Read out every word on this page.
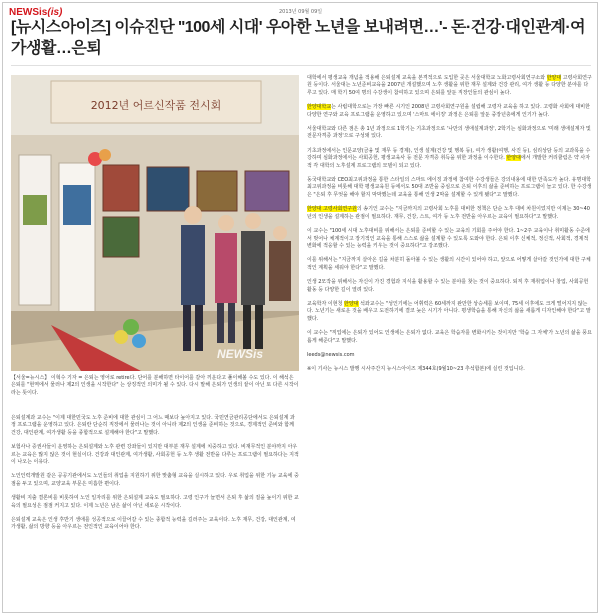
NEWSis(is)	2013년 09월 09일
[뉴시스아이즈] 이슈진단 ''100세 시대' 우아한 노년을 보내려면…'- 돈·건강·대인관계·여가생활…은퇴
2012년 어르신작품 전시회
NEWSis
【서울=뉴시스】 이혁수 기자 = 은퇴는 영어로 retire다. 단어를 분해하면 타이어를 갈아 끼운다고 풀이해볼 수도 있다. 이 해석은 은퇴를 "현역에서 물러나 제2의 인생을 시작한다" 는 상징적인 의미가 될 수 있다. 다시 말해 은퇴가 인생의 끝이 아닌 또 다른 시작이라는 뜻이다.

은퇴설계과 교수는 "이제 대한민국도 노후 준비에 대한 관심이 그 어느 때보다 높아지고 있다. 국민연금관리공단에서도 은퇴설계 과정 프로그램을 운영하고 있다. 은퇴란 단순히 직장에서 물러나는 것이 아니라 제2의 인생을 준비하는 것으로, 경제적인 준비와 함께 건강, 대인관계, 여가생활 등을 종합적으로 설계해야 한다"고 말했다.

보험사나 증권사들이 운영하는 은퇴설계와 노후 관련 강좌들이 있지만 대부분 재무 설계에 치중하고 있다. 비재무적인 분야까지 아우르는 교육은 많지 않은 것이 현실이다. 건강과 대인관계, 여가생활, 사회공헌 등 노후 생활 전반을 다루는 프로그램이 필요하다는 지적이 나오는 이유다.

노인인력개발원 같은 공공기관에서도 노인들의 취업을 지원하기 위한 맞춤형 교육을 실시하고 있다. 우로 취업을 위한 기능 교육에 중점을 두고 있으며, 교양교육 부문은 미흡한 편이다.

생활비 지출 결론비를 비롯하여 노인 일자리를 위한 은퇴설계 교육도 필요하다. 고령 인구가 늘면서 은퇴 후 삶의 질을 높이기 위한 교육의 필요성은 점점 커지고 있다. 이제 노년은 남은 삶이 아닌 새로운 시작이다.

은퇴설계 교육은 인생 후반기 생애를 성공적으로 이끌어갈 수 있는 종합적 능력을 길러주는 교육이다. 노후 재무, 건강, 대인관계, 여가생활, 삶의 방향 등을 아우르는 전인적인 교육이어야 한다.

대학에서 평생교육 개념을 적용해 은퇴설계 교육을 본격적으로 도입한 곳은 서울대학교 노화고령사회연구소와 한양대 고령사회연구원 등이다. 서울대는 노년준비교육을 2007년 개설했으며 노후 생활을 위한 재무 설계와 건강 관리, 여가 생활 등 다양한 분야를 다루고 있다. 매 학기 50여 명의 수강생이 참여하고 있으며 은퇴를 앞둔 직장인들의 관심이 높다.

한양대학교는 사립대학으로는 가장 빠른 시기인 2008년 고령사회연구원을 설립해 고령자 교육을 하고 있다. 고령화 사회에 대비한 다양한 연구와 교육 프로그램을 운영하고 있으며 '스마트 에이징' 과정은 은퇴를 앞둔 중장년층에게 인기가 높다.

서울대학교와 다른 점은 총 1년 과정으로 1학기는 기초과정으로 '나만의 생애설계과정', 2학기는 심화과정으로 '미래 생애설계자 및 전문자격증 과정'으로 구성돼 있다.

기초과정에서는 인문교양(금융 및 재무 등 경제), 인생 설계(건강 및 행복 등), 여가 생활(여행, 사진 등), 심리상담 등의 교과목을 수강하며 심화과정에서는 사회공헌, 평생교육사 등 전문 자격증 취득을 위한 과정을 이수한다. 한양대에서 개발한 커리큘럼은 약 사자적 각 대학의 노후설계 프로그램의 모델이 되고 있다.

동국대학교와 CEO최고위과정을 통한 스타일의 스마트 에이징 과정에 참여한 수강생들은 강의내용에 대한 만족도가 높다. 유명대학 최고위과정을 비롯해 대학 평생교육원 등에서도 50대 조반을 중심으로 은퇴 이후의 삶을 준비하는 프로그램이 늘고 있다. 한 수강생은 "은퇴 후 무엇을 해야 할지 막막했는데 교육을 통해 인생 2막을 설계할 수 있게 됐다"고 말했다.

한양대 고령사회연구원의 송기인 교수는 "지금까지의 고령사회 노후를 대비한 정책은 단순 노후 대비 차원이었지만 이제는 30~40년의 인생을 설계하는 관점이 필요하다. 재무, 건강, 스트, 여가 등 노후 전반을 아우르는 교육이 필요하다"고 말했다.

이 교수는 "100세 시대 노후대비를 위해서는 은퇴를 준비할 수 있는 교육의 기회를 주어야 한다. 1~2주 교육이나 취미활동 수준에서 벗어나 체계적이고 장기적인 교육을 통해 스스로 삶을 설계할 수 있도록 도와야 한다. 은퇴 이후 신체적, 정신적, 사회적, 경제적 변화에 적응할 수 있는 능력을 키우는 것이 중요하다"고 강조했다.

이를 위해서는 "지금까지 살아온 길을 차분히 돌아볼 수 있는 생활의 시간이 있어야 하고, 앞으로 어떻게 살아갈 것인가에 대한 구체적인 계획을 세워야 한다"고 말했다.

인생 2모작을 위해서는 자신이 가진 경험과 지식을 활용할 수 있는 분야를 찾는 것이 중요하다. 퇴직 후 재취업이나 창업, 사회공헌 활동 등 다양한 길이 열려 있다.

교육학자 이현청 한양대 석좌교수는 "성인기에는 어휘력은 60세까지 완만한 상승세를 보이며, 75세 이후에도 크게 떨어지지 않는다. 노년기는 새로운 것을 배우고 도전하기에 결코 늦은 시기가 아니다. 평생학습을 통해 자신의 삶을 새롭게 디자인해야 한다"고 말했다.

이 교수는 "직업에는 은퇴가 있어도 인생에는 은퇴가 없다. 교육은 학습자를 변화시키는 것이지만 '학습 그 자체'가 노년의 삶을 풍요롭게 해준다"고 말했다.

leeds@newsis.com

※이 기사는 뉴시스 발행 시사주간지 뉴시스아이즈 제344호(9월10~23 추석합본)에 실린 것입니다.
